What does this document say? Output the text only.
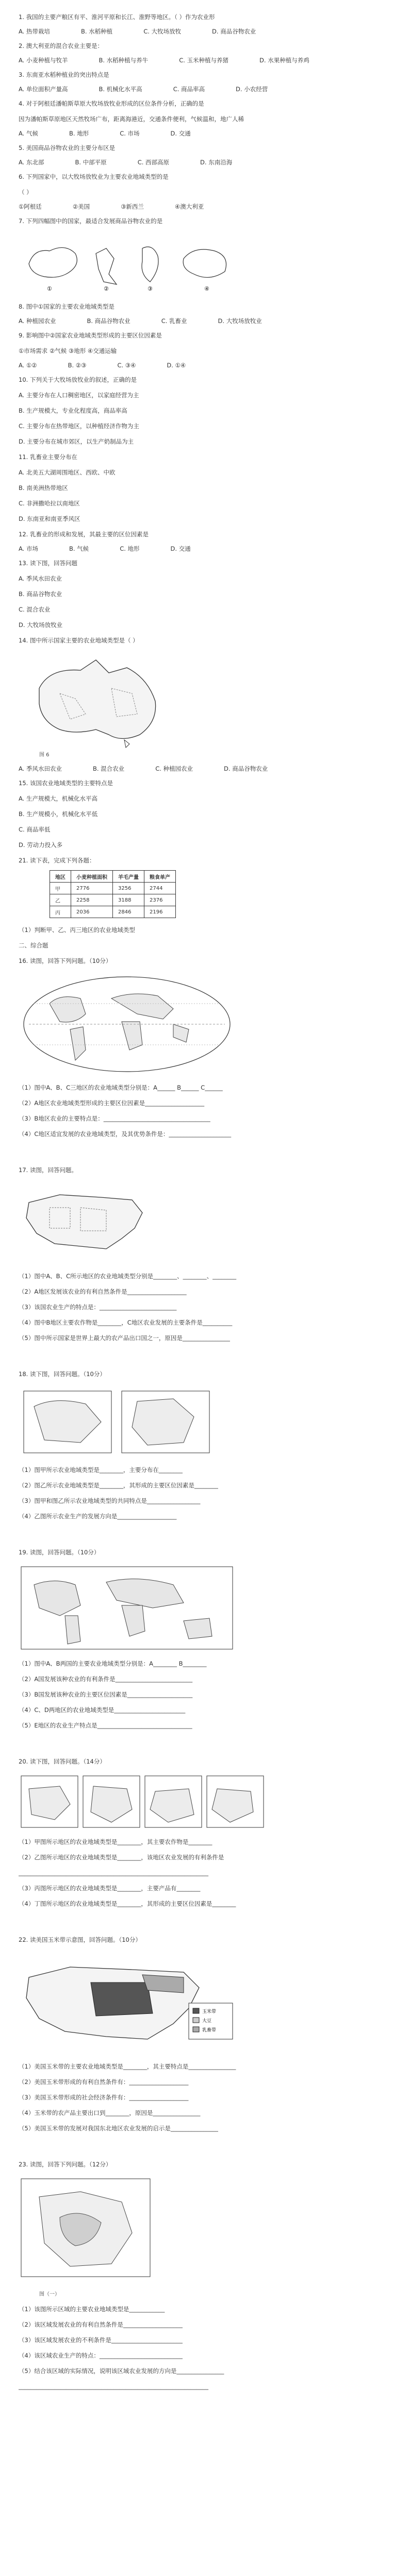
1. 我国的主要产粮区有平、淮河平原和长江、淮野等地区。（ ）作为农业形
A. 热带栽培	B. 水稻种植	C. 大牧场放牧	D. 商品谷物农业
2. 澳大利亚的混合农业主要是：
A. 小麦种植与牧羊	B. 水稻种植与养牛	C. 玉米种植与养猪	D. 水果种植与养鸡
3. 东南亚水稻种植业的突出特点是
A. 单位面积产量高	B. 机械化水平高	C. 商品率高	D. 小农经营
4. 对于阿根廷潘帕斯草原大牧场放牧业形成的区位条件分析，正确的是
因为潘帕斯草原地区天然牧场广布，距离海港近，交通条件便利，气候温和，地广人稀
A. 气候	B. 地形	C. 市场	D. 交通
5. 美国商品谷物农业的主要分布区是
A. 东北部	B. 中部平原	C. 西部高原	D. 东南沿海
6. 下列国家中，以大牧场放牧业为主要农业地域类型的是
（ ）
①阿根廷	②美国	③新西兰	④澳大利亚
7. 下列四幅图中的国家，最适合发展商品谷物农业的是
①	②	③	④
8. 图中①国家的主要农业地域类型是
A. 种植园农业	B. 商品谷物农业	C. 乳畜业	D. 大牧场放牧业
9. 影响图中②国家农业地域类型形成的主要区位因素是
①市场需求 ②气候 ③地形 ④交通运输
A. ①②	B. ②③	C. ③④	D. ①④
10. 下列关于大牧场放牧业的叙述，正确的是
A. 主要分布在人口稠密地区，以家庭经营为主
B. 生产规模大，专业化程度高，商品率高
C. 主要分布在热带地区，以种植经济作物为主
D. 主要分布在城市郊区，以生产奶制品为主
11. 乳畜业主要分布在
A. 北美五大湖周围地区、西欧、中欧
B. 南美洲热带地区
C. 非洲撒哈拉以南地区
D. 东南亚和南亚季风区
12. 乳畜业的形成和发展，其最主要的区位因素是
A. 市场	B. 气候	C. 地形	D. 交通
13. 读下图，回答问题
A. 季风水田农业
B. 商品谷物农业
C. 混合农业
D. 大牧场放牧业
14. 图中所示国家主要的农业地域类型是（ ）
图 6
A. 季风水田农业	B. 混合农业	C. 种植园农业	D. 商品谷物农业
15. 该国农业地域类型的主要特点是
A. 生产规模大，机械化水平高
B. 生产规模小，机械化水平低
C. 商品率低
D. 劳动力投入多
21. 读下表，完成下列各题：
地区	小麦种植面积	羊毛产量	粮食单产
甲	2776	3256	2744
乙	2258	3188	2376
丙	2036	2846	2196
（1）判断甲、乙、丙三地区的农业地域类型
二、综合题
16. 读图，回答下列问题。（10分）
（1）图中A、B、C三地区的农业地域类型分别是：A______ B______ C______
（2）A地区农业地域类型形成的主要区位因素是____________________
（3）B地区农业的主要特点是：____________________________________
（4）C地区适宜发展的农业地域类型，及其优势条件是：_____________________
17. 读图，回答问题。
（1）图中A、B、C所示地区的农业地域类型分别是________、________、________
（2）A地区发展该农业的有利自然条件是____________________
（3）该国农业生产的特点是：__________________________
（4）图中B地区主要农作物是________，C地区农业发展的主要条件是__________
（5）图中所示国家是世界上最大的农产品出口国之一，原因是________________
18. 读下图，回答问题。（10分）
（1）图甲所示农业地域类型是________，主要分布在________
（2）图乙所示农业地域类型是________，其形成的主要区位因素是________
（3）图甲和图乙所示农业地域类型的共同特点是__________________
（4）乙图所示农业生产的发展方向是____________________
19. 读图，回答问题。（10分）
（1）图中A、B两国的主要农业地域类型分别是：A________ B________
（2）A国发展该种农业的有利条件是__________________________
（3）B国发展该种农业的主要区位因素是______________________
（4）C、D两地区的农业地域类型是________________________
（5）E地区的农业生产特点是________________________________
20. 读下图，回答问题。（14分）
（1）甲图所示地区的农业地域类型是________，其主要农作物是________
（2）乙图所示地区的农业地域类型是________，该地区农业发展的有利条件是
________________________________________________________________
（3）丙图所示地区的农业地域类型是________，主要产品有________
（4）丁图所示地区的农业地域类型是________，其形成的主要区位因素是________
22. 读美国玉米带示意图，回答问题。（10分）
玉米带
大豆
乳畜带
（1）美国玉米带的主要农业地域类型是________，其主要特点是________________
（2）美国玉米带形成的有利自然条件有：____________________
（3）美国玉米带形成的社会经济条件有：____________________
（4）玉米带的农产品主要出口到________，原因是________________
（5）美国玉米带的发展对我国东北地区农业发展的启示是________________
23. 读图，回答下列问题。（12分）
图（一）
（1）该图所示区域的主要农业地域类型是____________
（2）该区域发展农业的有利自然条件是____________________
（3）该区域发展农业的不利条件是________________________
（4）该区域农业生产的特点：____________________________
（5）结合该区域的实际情况，说明该区域农业发展的方向是________________
________________________________________________________________
